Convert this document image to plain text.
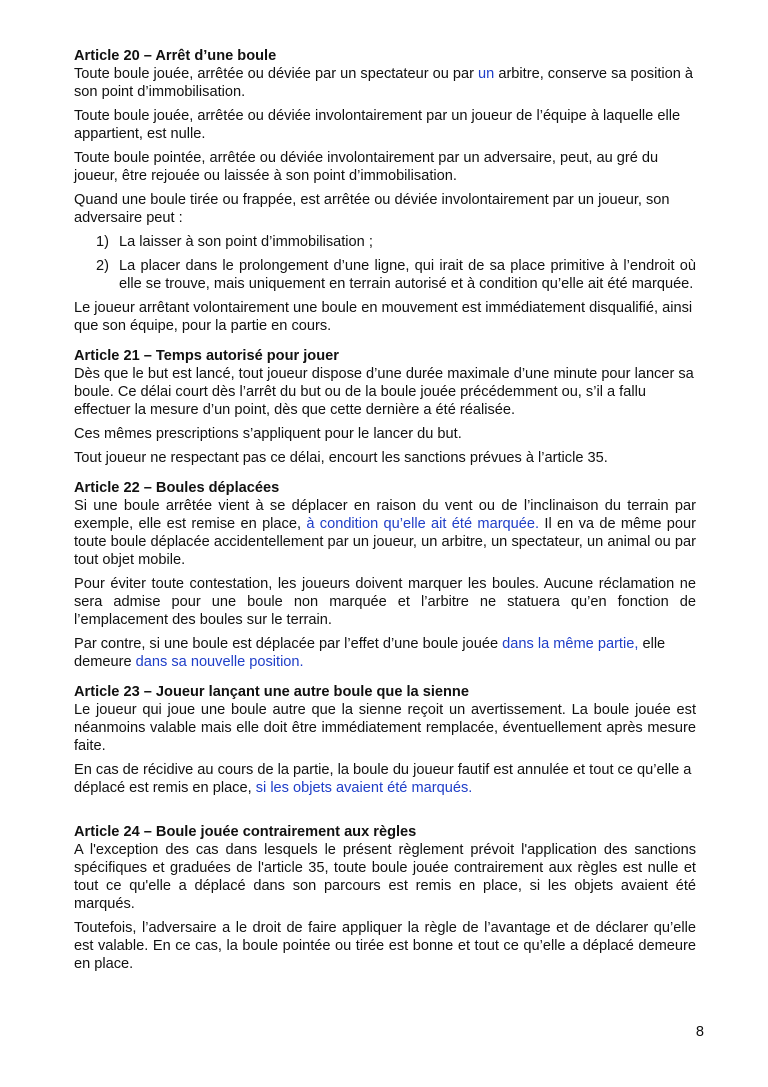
Article 20 – Arrêt d’une boule

Toute boule jouée, arrêtée ou déviée par un spectateur ou par un arbitre, conserve sa position à son point d’immobilisation.

Toute boule jouée, arrêtée ou déviée involontairement par un joueur de l’équipe à laquelle elle appartient, est nulle.

Toute boule pointée, arrêtée ou déviée involontairement par un adversaire, peut, au gré du joueur, être rejouée ou laissée à son point d’immobilisation.

Quand une boule tirée ou frappée, est arrêtée ou déviée involontairement par un joueur, son adversaire peut :

1) La laisser à son point d’immobilisation ;
2) La placer dans le prolongement d’une ligne, qui irait de sa place primitive à l’endroit où elle se trouve, mais uniquement en terrain autorisé et à condition qu’elle ait été marquée.

Le joueur arrêtant volontairement une boule en mouvement est immédiatement disqualifié, ainsi que son équipe, pour la partie en cours.

Article 21 – Temps autorisé pour jouer

Dès que le but est lancé, tout joueur dispose d’une durée maximale d’une minute pour lancer sa boule. Ce délai court dès l’arrêt du but ou de la boule jouée précédemment ou, s’il a fallu effectuer la mesure d’un point, dès que cette dernière a été réalisée.

Ces mêmes prescriptions s’appliquent pour le lancer du but.

Tout joueur ne respectant pas ce délai, encourt les sanctions prévues à l’article 35.

Article 22 – Boules déplacées

Si une boule arrêtée vient à se déplacer en raison du vent ou de l’inclinaison du terrain par exemple, elle est remise en place, à condition qu’elle ait été marquée. Il en va de même pour toute boule déplacée accidentellement par un joueur, un arbitre, un spectateur, un animal ou par tout objet mobile.

Pour éviter toute contestation, les joueurs doivent marquer les boules. Aucune réclamation ne sera admise pour une boule non marquée et l’arbitre ne statuera qu’en fonction de l’emplacement des boules sur le terrain.

Par contre, si une boule est déplacée par l’effet d’une boule jouée dans la même partie, elle demeure dans sa nouvelle position.

Article 23 – Joueur lançant une autre boule que la sienne

Le joueur qui joue une boule autre que la sienne reçoit un avertissement. La boule jouée est néanmoins valable mais elle doit être immédiatement remplacée, éventuellement après mesure faite.

En cas de récidive au cours de la partie, la boule du joueur fautif est annulée et tout ce qu’elle a déplacé est remis en place, si les objets avaient été marqués.

Article 24 – Boule jouée contrairement aux règles

A l'exception des cas dans lesquels le présent règlement prévoit l'application des sanctions spécifiques et graduées de l'article 35, toute boule jouée contrairement aux règles est nulle et tout ce qu'elle a déplacé dans son parcours est remis en place, si les objets avaient été marqués.

Toutefois, l’adversaire a le droit de faire appliquer la règle de l’avantage et de déclarer qu’elle est valable. En ce cas, la boule pointée ou tirée est bonne et tout ce qu’elle a déplacé demeure en place.

8
